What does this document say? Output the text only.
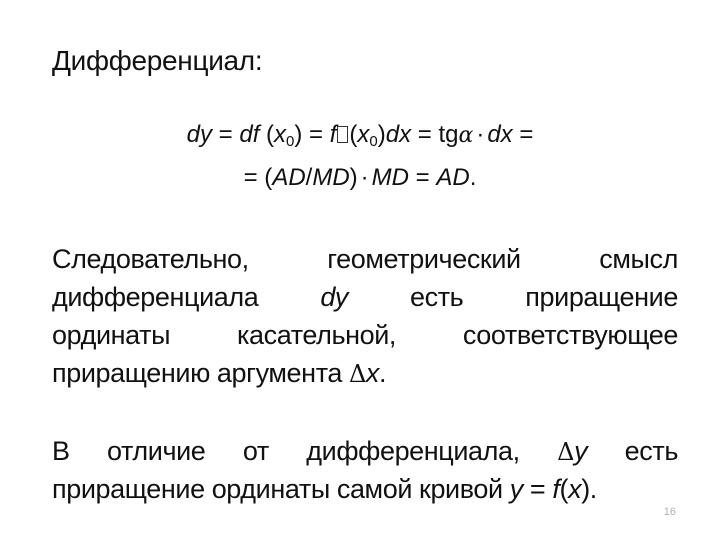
Дифференциал:
dy = df $(x_0) = f$ $(x_0)dx = tg\alpha$ · dx =
= (AD/MD) · MD = AD.
Следовательно,	геометрический	смысл
дифференциала dy есть приращение
ординаты касательной, соответствующее
приращению аргумента Δx.
В отличие от дифференциала, Δy есть
приращение ординаты самой кривой y = f(x).
16
